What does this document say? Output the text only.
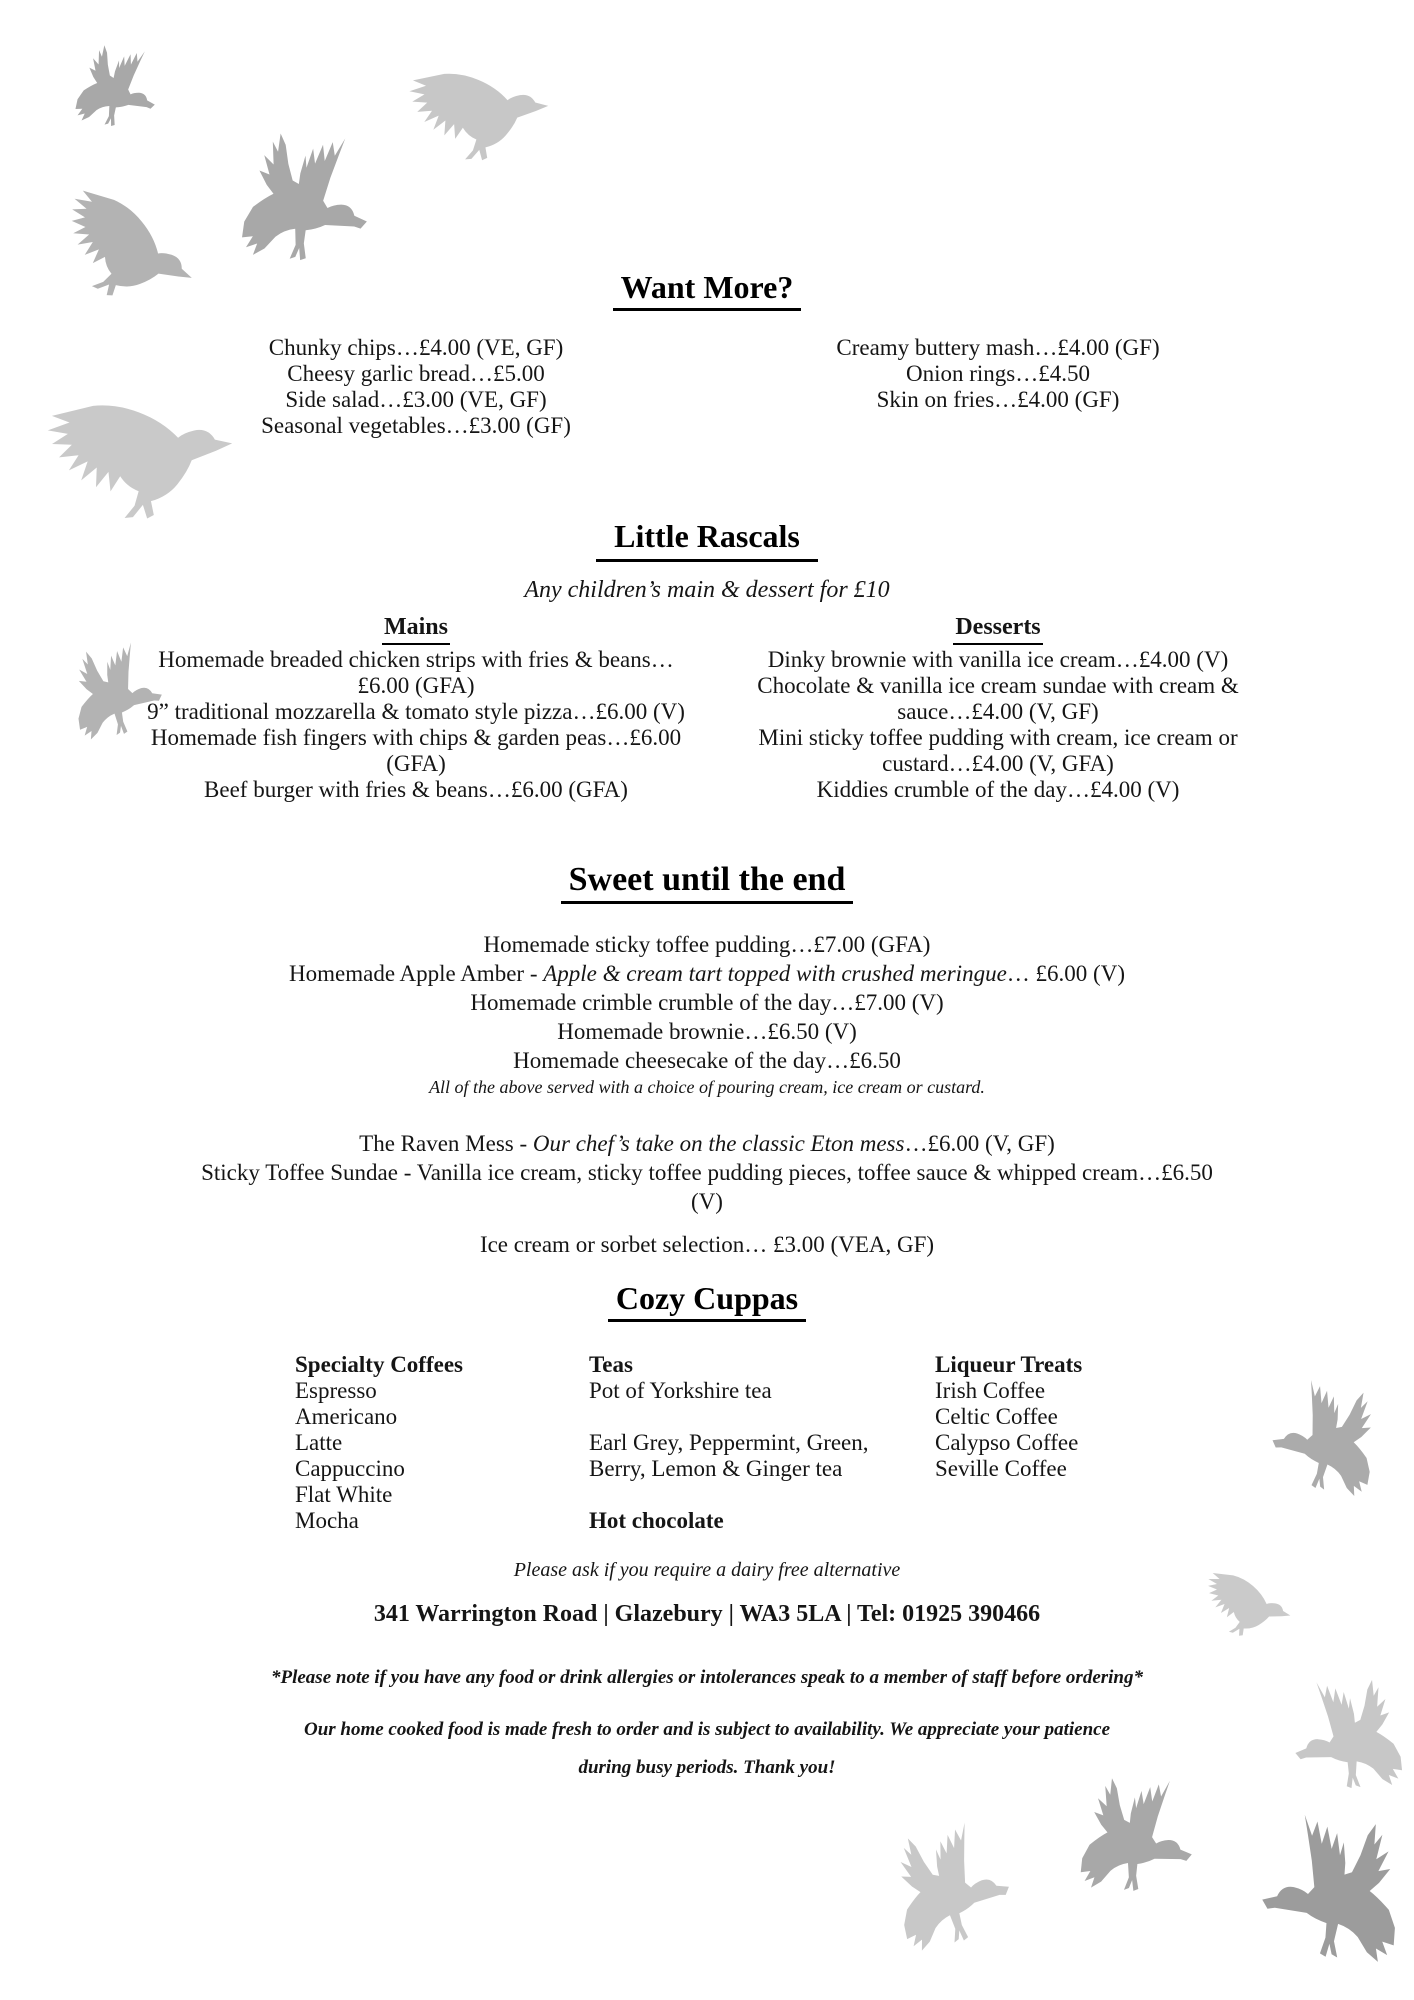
Want More?
Chunky chips…£4.00 (VE, GF)
Cheesy garlic bread…£5.00
Side salad…£3.00 (VE, GF)
Seasonal vegetables…£3.00 (GF)
Creamy buttery mash…£4.00 (GF)
Onion rings…£4.50
Skin on fries…£4.00 (GF)
Little Rascals
Any children’s main & dessert for £10
Mains	Desserts
Homemade breaded chicken strips with fries & beans…£6.00 (GFA)
9” traditional mozzarella & tomato style pizza…£6.00 (V)
Homemade fish fingers with chips & garden peas…£6.00 (GFA)
Beef burger with fries & beans…£6.00 (GFA)
Dinky brownie with vanilla ice cream…£4.00 (V)
Chocolate & vanilla ice cream sundae with cream & sauce…£4.00 (V, GF)
Mini sticky toffee pudding with cream, ice cream or custard…£4.00 (V, GFA)
Kiddies crumble of the day…£4.00 (V)
Sweet until the end
Homemade sticky toffee pudding…£7.00 (GFA)
Homemade Apple Amber - Apple & cream tart topped with crushed meringue… £6.00 (V)
Homemade crimble crumble of the day…£7.00 (V)
Homemade brownie…£6.50 (V)
Homemade cheesecake of the day…£6.50
All of the above served with a choice of pouring cream, ice cream or custard.
The Raven Mess - Our chef’s take on the classic Eton mess…£6.00 (V, GF)
Sticky Toffee Sundae - Vanilla ice cream, sticky toffee pudding pieces, toffee sauce & whipped cream…£6.50
(V)
Ice cream or sorbet selection… £3.00 (VEA, GF)
Cozy Cuppas
Specialty Coffees
Espresso
Americano
Latte
Cappuccino
Flat White
Mocha
Teas
Pot of Yorkshire tea

Earl Grey, Peppermint, Green,
Berry, Lemon & Ginger tea
Hot chocolate
Liqueur Treats
Irish Coffee
Celtic Coffee
Calypso Coffee
Seville Coffee
Please ask if you require a dairy free alternative
341 Warrington Road | Glazebury | WA3 5LA | Tel: 01925 390466
*Please note if you have any food or drink allergies or intolerances speak to a member of staff before ordering*
Our home cooked food is made fresh to order and is subject to availability. We appreciate your patience
during busy periods. Thank you!
